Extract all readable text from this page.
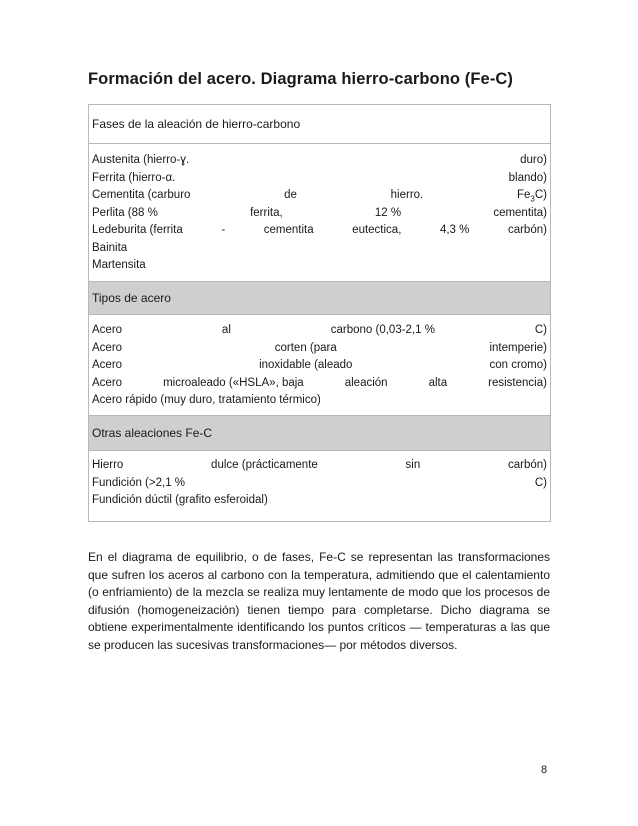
Formación del acero. Diagrama hierro-carbono (Fe-C)
Fases de la aleación de hierro-carbono
Austenita (hierro-ɣ.	duro)
Ferrita (hierro-α.	blando)
Cementita (carburo	de	hierro.	$Fe_3C$)
Perlita (88 %	ferrita,	12 %	cementita)
Ledeburita (ferrita	-	cementita	eutectica,	4,3 %	carbón)
Bainita
Martensita
Tipos de acero
Acero	al	carbono (0,03-2,1 %	C)
Acero	corten (para	intemperie)
Acero	inoxidable (aleado	con cromo)
Acero	microaleado («HSLA», baja	aleación	alta	resistencia)
Acero rápido (muy duro, tratamiento térmico)
Otras aleaciones Fe-C
Hierro	dulce (prácticamente	sin	carbón)
Fundición (>2,1 %	C)
Fundición dúctil (grafito esferoidal)
En el diagrama de equilibrio, o de fases, Fe-C se representan las transformaciones que sufren los aceros al carbono con la temperatura, admitiendo que el calentamiento (o enfriamiento) de la mezcla se realiza muy lentamente de modo que los procesos de difusión (homogeneización) tienen tiempo para completarse. Dicho diagrama se obtiene experimentalmente identificando los puntos críticos — temperaturas a las que se producen las sucesivas transformaciones— por métodos diversos.
8
